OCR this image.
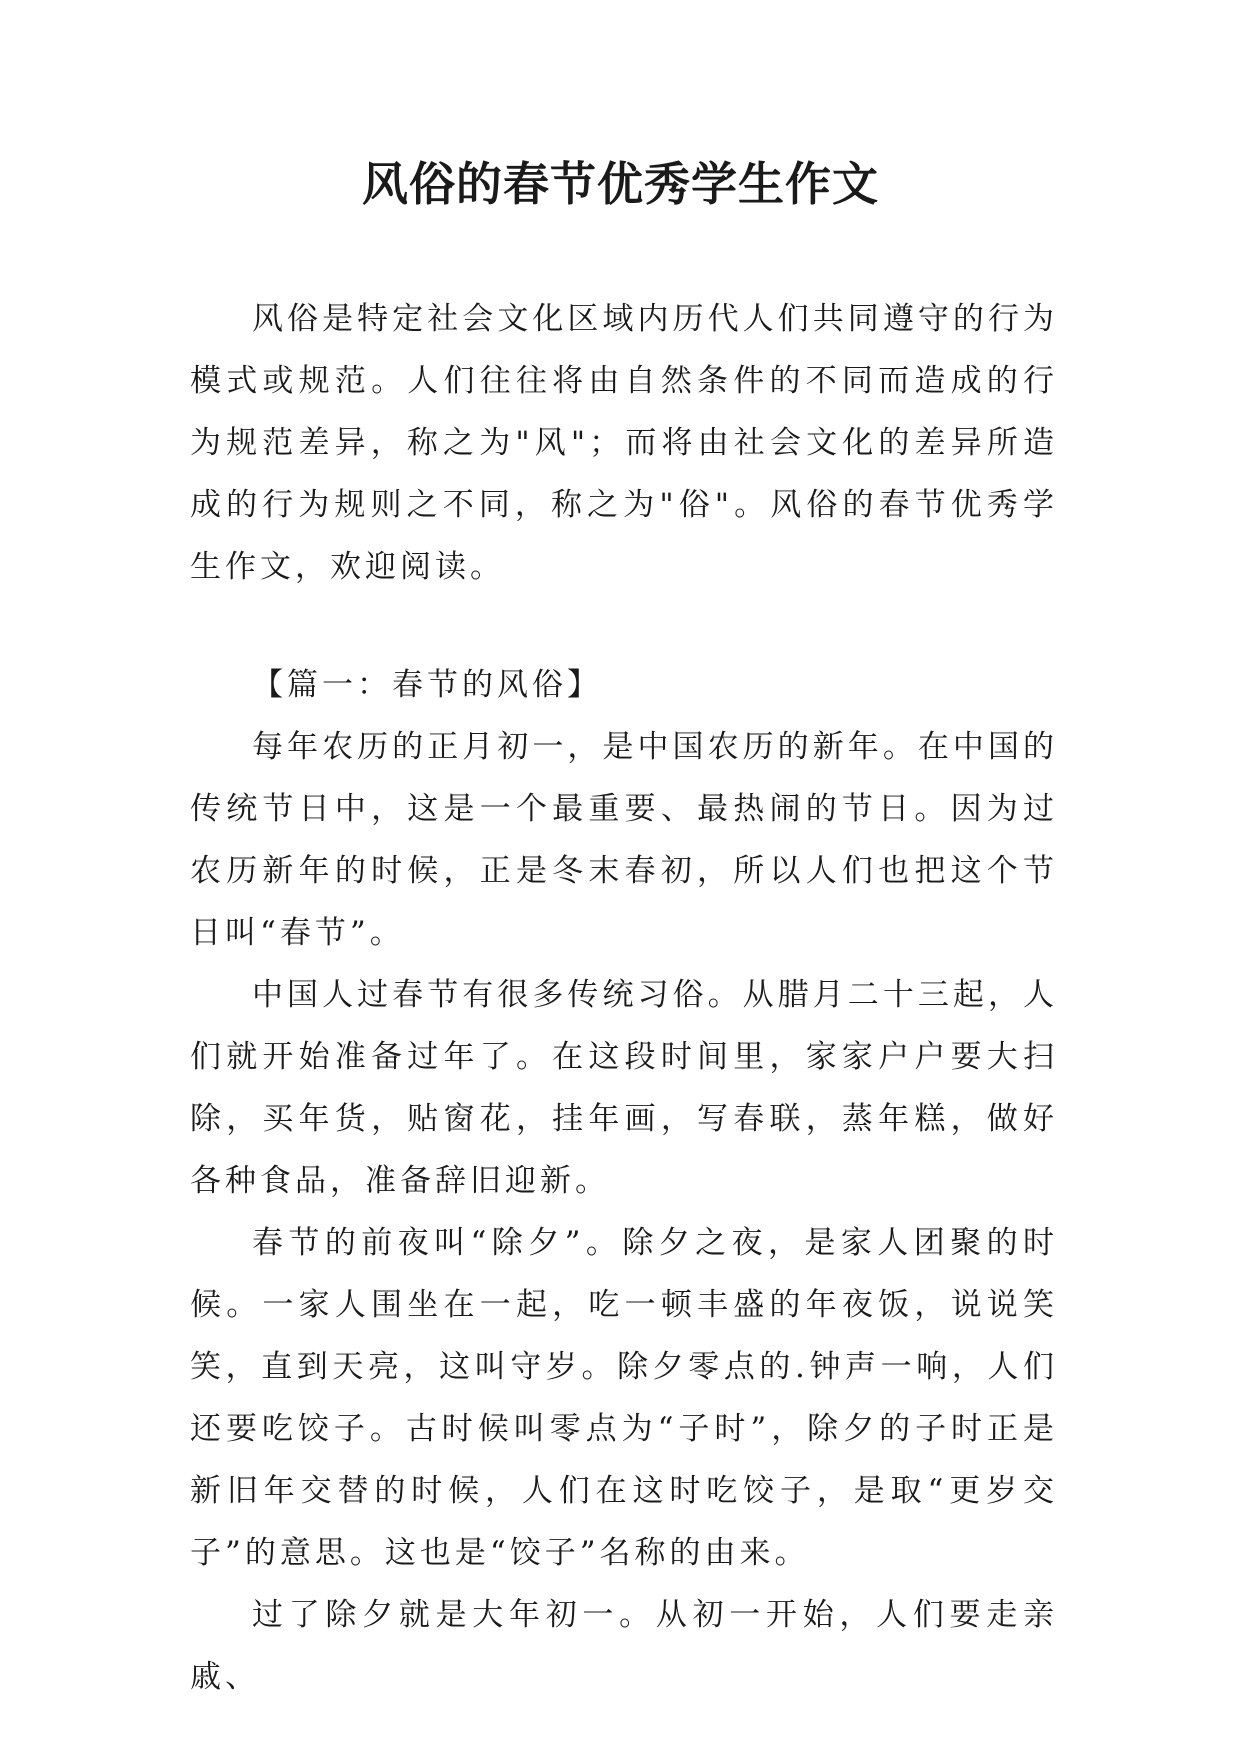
风俗的春节优秀学生作文

风俗是特定社会文化区域内历代人们共同遵守的行为模式或规范。人们往往将由自然条件的不同而造成的行为规范差异，称之为"风"；而将由社会文化的差异所造成的行为规则之不同，称之为"俗"。风俗的春节优秀学生作文，欢迎阅读。

【篇一：春节的风俗】

每年农历的正月初一，是中国农历的新年。在中国的传统节日中，这是一个最重要、最热闹的节日。因为过农历新年的时候，正是冬末春初，所以人们也把这个节日叫“春节”。

中国人过春节有很多传统习俗。从腊月二十三起，人们就开始准备过年了。在这段时间里，家家户户要大扫除，买年货，贴窗花，挂年画，写春联，蒸年糕，做好各种食品，准备辞旧迎新。

春节的前夜叫“除夕”。除夕之夜，是家人团聚的时候。一家人围坐在一起，吃一顿丰盛的年夜饭，说说笑笑，直到天亮，这叫守岁。除夕零点的.钟声一响，人们还要吃饺子。古时候叫零点为“子时”，除夕的子时正是新旧年交替的时候，人们在这时吃饺子，是取“更岁交子”的意思。这也是“饺子”名称的由来。

过了除夕就是大年初一。从初一开始，人们要走亲戚、
